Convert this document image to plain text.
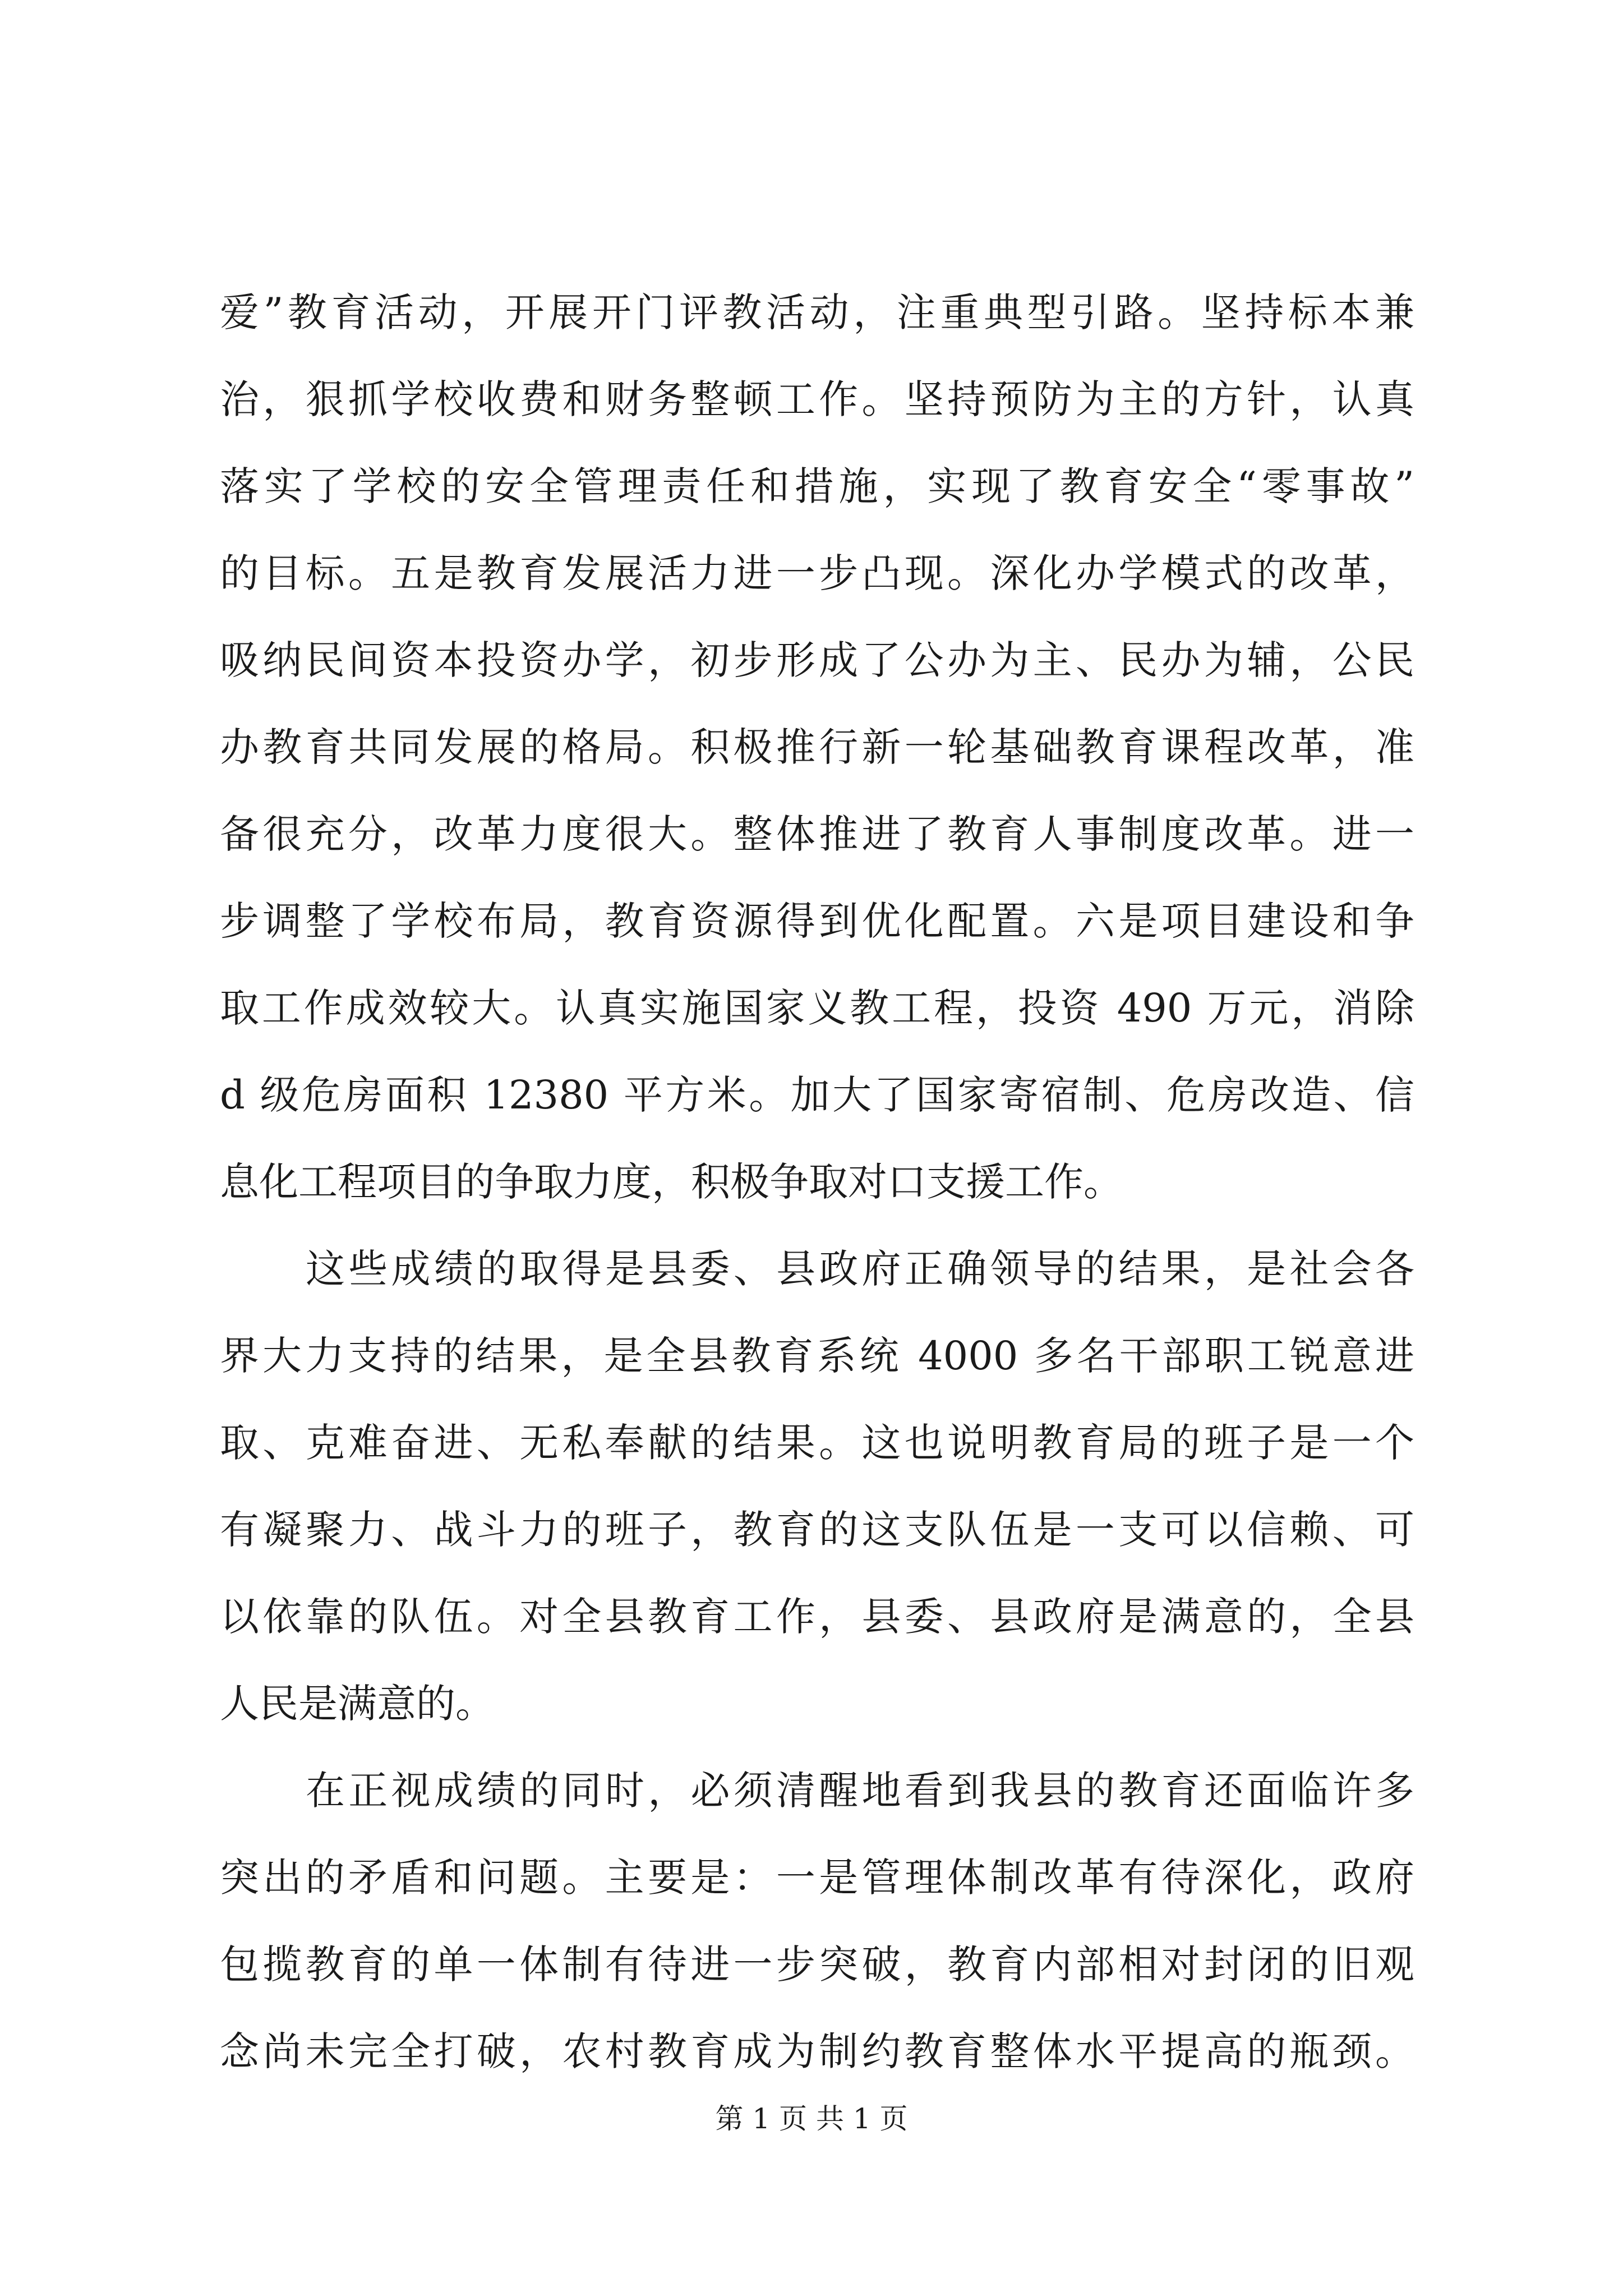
爱”教育活动，开展开门评教活动，注重典型引路。坚持标本兼
治，狠抓学校收费和财务整顿工作。坚持预防为主的方针，认真
落实了学校的安全管理责任和措施，实现了教育安全“零事故”
的目标。五是教育发展活力进一步凸现。深化办学模式的改革，
吸纳民间资本投资办学，初步形成了公办为主、民办为辅，公民
办教育共同发展的格局。积极推行新一轮基础教育课程改革，准
备很充分，改革力度很大。整体推进了教育人事制度改革。进一
步调整了学校布局，教育资源得到优化配置。六是项目建设和争
取工作成效较大。认真实施国家义教工程，投资 490 万元，消除
d 级危房面积 12380 平方米。加大了国家寄宿制、危房改造、信
息化工程项目的争取力度，积极争取对口支援工作。
这些成绩的取得是县委、县政府正确领导的结果，是社会各
界大力支持的结果，是全县教育系统 4000 多名干部职工锐意进
取、克难奋进、无私奉献的结果。这也说明教育局的班子是一个
有凝聚力、战斗力的班子，教育的这支队伍是一支可以信赖、可
以依靠的队伍。对全县教育工作，县委、县政府是满意的，全县
人民是满意的。
在正视成绩的同时，必须清醒地看到我县的教育还面临许多
突出的矛盾和问题。主要是：一是管理体制改革有待深化，政府
包揽教育的单一体制有待进一步突破，教育内部相对封闭的旧观
念尚未完全打破，农村教育成为制约教育整体水平提高的瓶颈。
第 1 页 共 1 页
